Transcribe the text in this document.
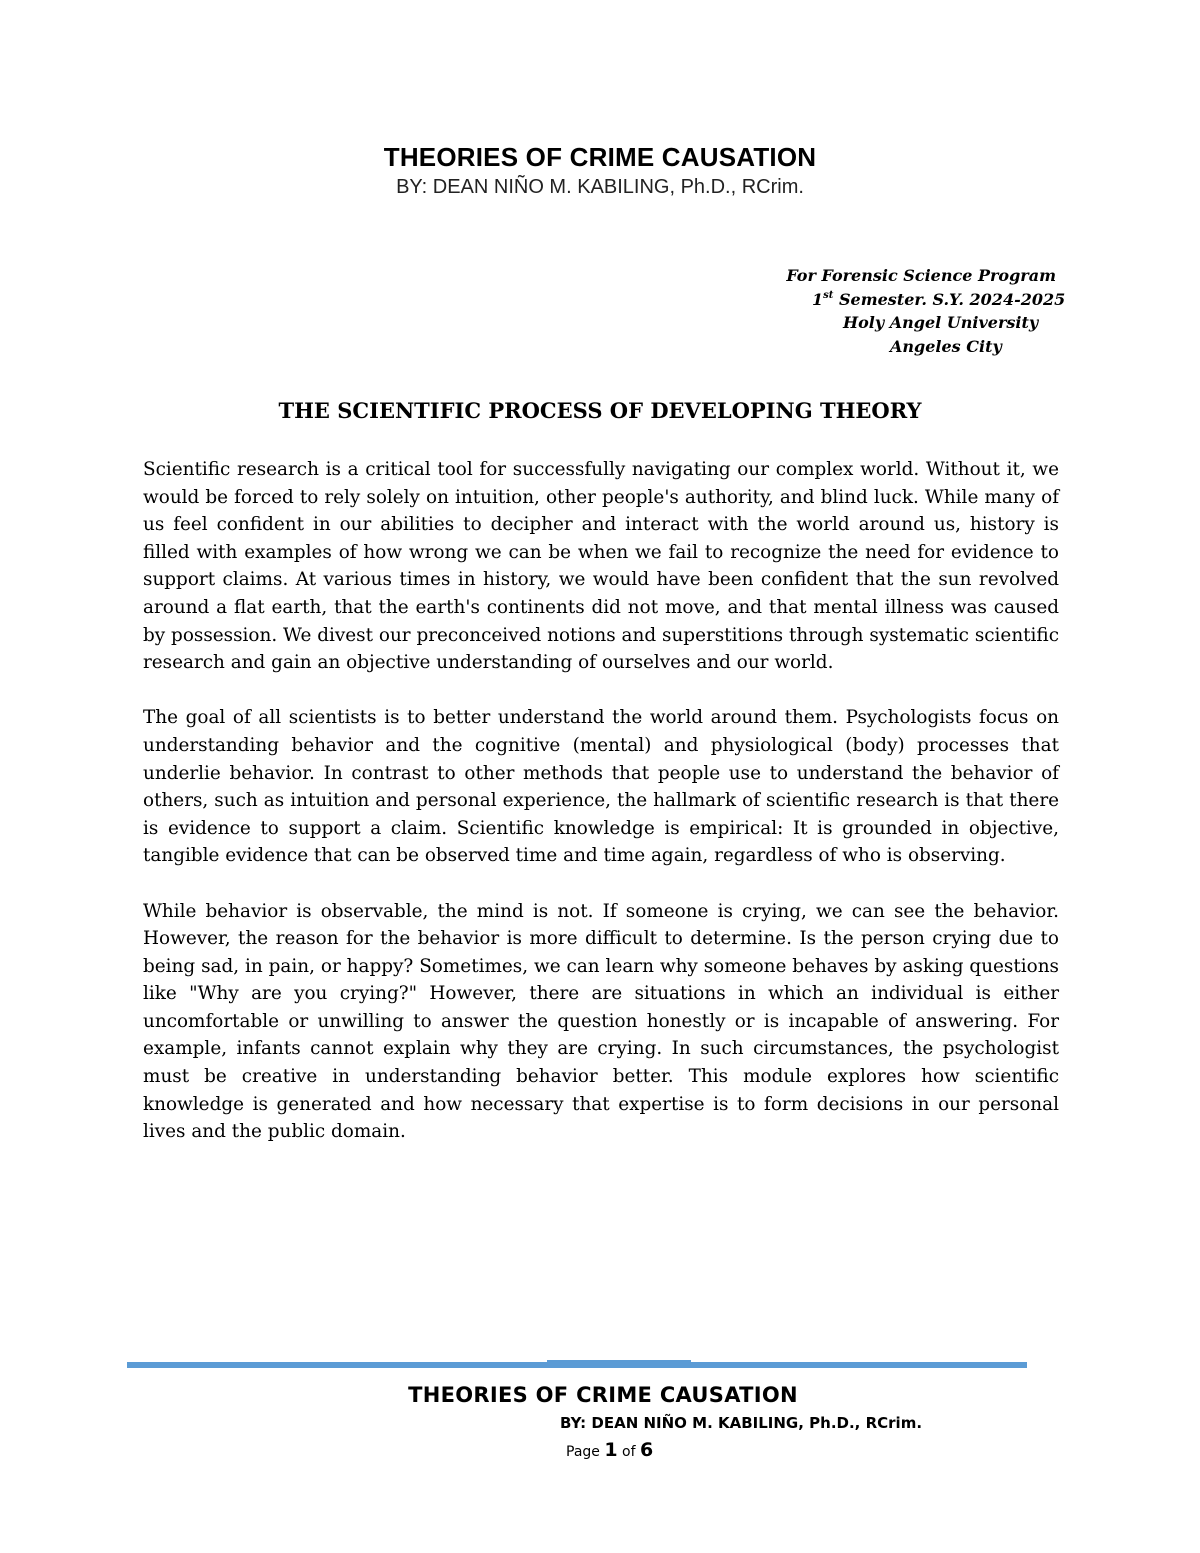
THEORIES OF CRIME CAUSATION
BY: DEAN NIÑO M. KABILING, Ph.D., RCrim.
For Forensic Science Program
1st Semester. S.Y. 2024-2025
Holy Angel University
Angeles City
THE SCIENTIFIC PROCESS OF DEVELOPING THEORY

Scientific research is a critical tool for successfully navigating our complex world. Without it, we would be forced to rely solely on intuition, other people's authority, and blind luck. While many of us feel confident in our abilities to decipher and interact with the world around us, history is filled with examples of how wrong we can be when we fail to recognize the need for evidence to support claims. At various times in history, we would have been confident that the sun revolved around a flat earth, that the earth's continents did not move, and that mental illness was caused by possession. We divest our preconceived notions and superstitions through systematic scientific research and gain an objective understanding of ourselves and our world.

The goal of all scientists is to better understand the world around them. Psychologists focus on understanding behavior and the cognitive (mental) and physiological (body) processes that underlie behavior. In contrast to other methods that people use to understand the behavior of others, such as intuition and personal experience, the hallmark of scientific research is that there is evidence to support a claim. Scientific knowledge is empirical: It is grounded in objective, tangible evidence that can be observed time and time again, regardless of who is observing.

While behavior is observable, the mind is not. If someone is crying, we can see the behavior. However, the reason for the behavior is more difficult to determine. Is the person crying due to being sad, in pain, or happy? Sometimes, we can learn why someone behaves by asking questions like "Why are you crying?" However, there are situations in which an individual is either uncomfortable or unwilling to answer the question honestly or is incapable of answering. For example, infants cannot explain why they are crying. In such circumstances, the psychologist must be creative in understanding behavior better. This module explores how scientific knowledge is generated and how necessary that expertise is to form decisions in our personal lives and the public domain.

THEORIES OF CRIME CAUSATION
BY: DEAN NIÑO M. KABILING, Ph.D., RCrim.
Page 1 of 6
